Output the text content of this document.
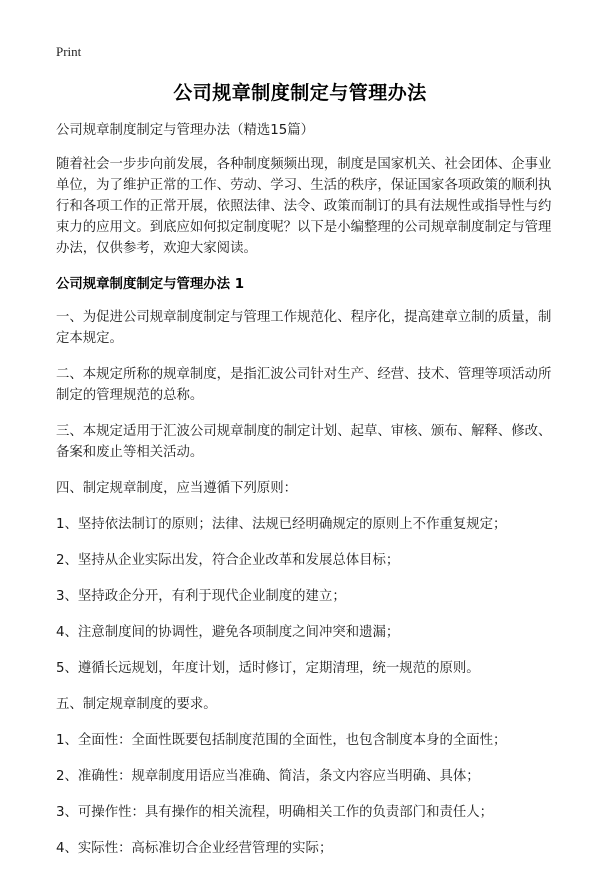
Print
公司规章制度制定与管理办法

公司规章制度制定与管理办法（精选15篇）

随着社会一步步向前发展，各种制度频频出现，制度是国家机关、社会团体、企事业单位，为了维护正常的工作、劳动、学习、生活的秩序，保证国家各项政策的顺利执行和各项工作的正常开展，依照法律、法令、政策而制订的具有法规性或指导性与约束力的应用文。到底应如何拟定制度呢？以下是小编整理的公司规章制度制定与管理办法，仅供参考，欢迎大家阅读。

公司规章制度制定与管理办法 1

一、为促进公司规章制度制定与管理工作规范化、程序化，提高建章立制的质量，制定本规定。

二、本规定所称的规章制度，是指汇波公司针对生产、经营、技术、管理等项活动所制定的管理规范的总称。

三、本规定适用于汇波公司规章制度的制定计划、起草、审核、颁布、解释、修改、备案和废止等相关活动。

四、制定规章制度，应当遵循下列原则：

1、坚持依法制订的原则；法律、法规已经明确规定的原则上不作重复规定；

2、坚持从企业实际出发，符合企业改革和发展总体目标；

3、坚持政企分开，有利于现代企业制度的建立；

4、注意制度间的协调性，避免各项制度之间冲突和遗漏；

5、遵循长远规划，年度计划，适时修订，定期清理，统一规范的原则。

五、制定规章制度的要求。

1、全面性：全面性既要包括制度范围的全面性，也包含制度本身的全面性；

2、准确性：规章制度用语应当准确、简洁，条文内容应当明确、具体；

3、可操作性：具有操作的相关流程，明确相关工作的负责部门和责任人；

4、实际性：高标准切合企业经营管理的实际；
